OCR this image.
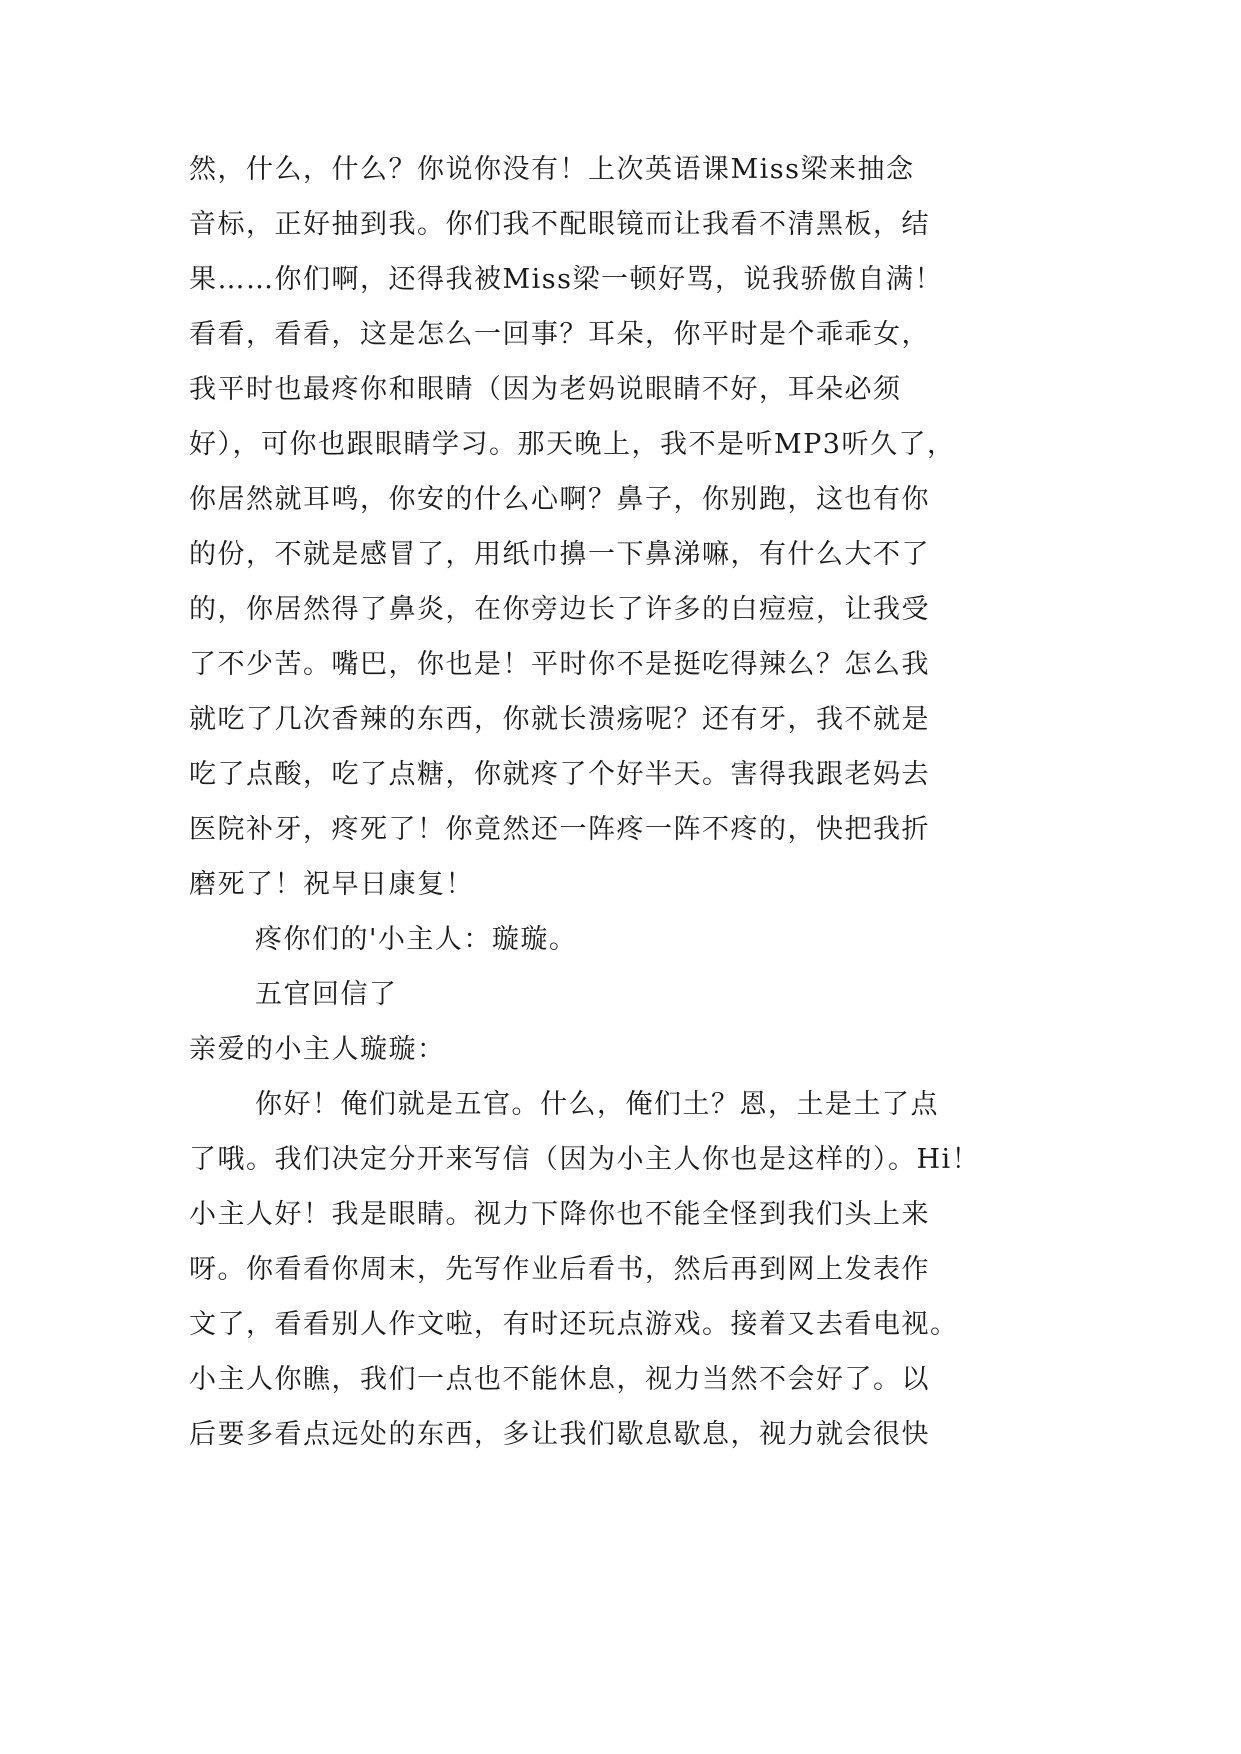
然，什么，什么？你说你没有！上次英语课Miss梁来抽念
音标，正好抽到我。你们我不配眼镜而让我看不清黑板，结
果……你们啊，还得我被Miss梁一顿好骂，说我骄傲自满！
看看，看看，这是怎么一回事？耳朵，你平时是个乖乖女，
我平时也最疼你和眼睛（因为老妈说眼睛不好，耳朵必须
好），可你也跟眼睛学习。那天晚上，我不是听MP3听久了，
你居然就耳鸣，你安的什么心啊？鼻子，你别跑，这也有你
的份，不就是感冒了，用纸巾擤一下鼻涕嘛，有什么大不了
的，你居然得了鼻炎，在你旁边长了许多的白痘痘，让我受
了不少苦。嘴巴，你也是！平时你不是挺吃得辣么？怎么我
就吃了几次香辣的东西，你就长溃疡呢？还有牙，我不就是
吃了点酸，吃了点糖，你就疼了个好半天。害得我跟老妈去
医院补牙，疼死了！你竟然还一阵疼一阵不疼的，快把我折
磨死了！祝早日康复！
疼你们的'小主人：璇璇。
五官回信了
亲爱的小主人璇璇：
你好！俺们就是五官。什么，俺们土？恩，土是土了点
了哦。我们决定分开来写信（因为小主人你也是这样的）。Hi！
小主人好！我是眼睛。视力下降你也不能全怪到我们头上来
呀。你看看你周末，先写作业后看书，然后再到网上发表作
文了，看看别人作文啦，有时还玩点游戏。接着又去看电视。
小主人你瞧，我们一点也不能休息，视力当然不会好了。以
后要多看点远处的东西，多让我们歇息歇息，视力就会很快
